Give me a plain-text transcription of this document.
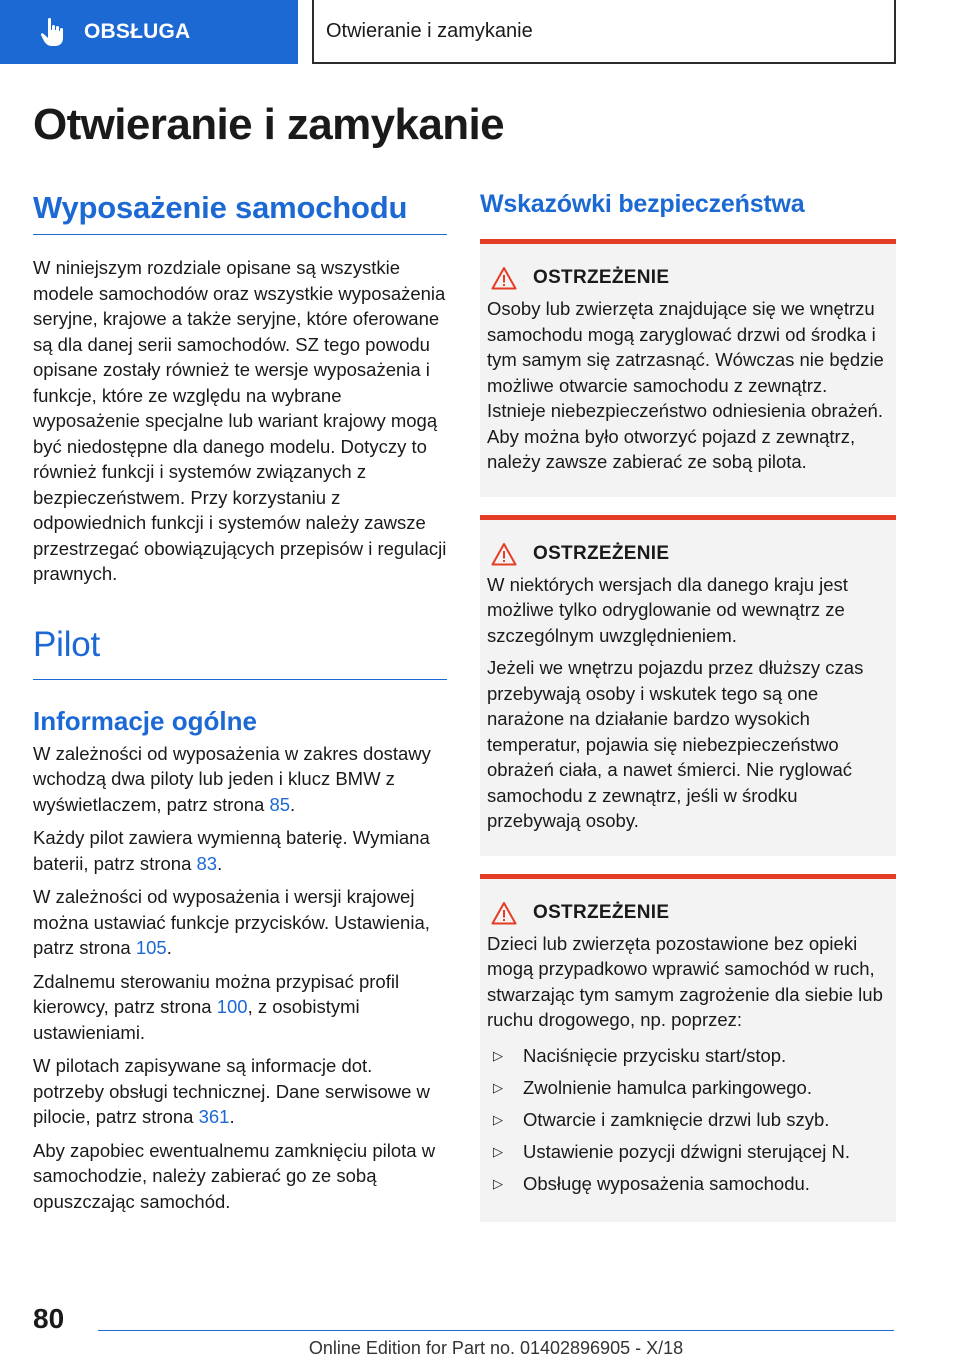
OBSŁUGA	Otwieranie i zamykanie
Otwieranie i zamykanie
Wyposażenie samochodu

W niniejszym rozdziale opisane są wszystkie modele samochodów oraz wszystkie wyposażenia seryjne, krajowe a także seryjne, które oferowane są dla danej serii samochodów. SZ tego powodu opisane zostały również te wersje wyposażenia i funkcje, które ze względu na wybrane wyposażenie specjalne lub wariant krajowy mogą być niedostępne dla danego modelu. Dotyczy to również funkcji i systemów związanych z bezpieczeństwem. Przy korzystaniu z odpowiednich funkcji i systemów należy zawsze przestrzegać obowiązujących przepisów i regulacji prawnych.

Pilot
Informacje ogólne

W zależności od wyposażenia w zakres dostawy wchodzą dwa piloty lub jeden i klucz BMW z wyświetlaczem, patrz strona 85.

Każdy pilot zawiera wymienną baterię. Wymiana baterii, patrz strona 83.

W zależności od wyposażenia i wersji krajowej można ustawiać funkcje przycisków. Ustawienia, patrz strona 105.

Zdalnemu sterowaniu można przypisać profil kierowcy, patrz strona 100, z osobistymi ustawieniami.

W pilotach zapisywane są informacje dot. potrzeby obsługi technicznej. Dane serwisowe w pilocie, patrz strona 361.

Aby zapobiec ewentualnemu zamknięciu pilota w samochodzie, należy zabierać go ze sobą opuszczając samochód.

Wskazówki bezpieczeństwa
OSTRZEŻENIE

Osoby lub zwierzęta znajdujące się we wnętrzu samochodu mogą zaryglować drzwi od środka i tym samym się zatrzasnąć. Wówczas nie będzie możliwe otwarcie samochodu z zewnątrz. Istnieje niebezpieczeństwo odniesienia obrażeń. Aby można było otworzyć pojazd z zewnątrz, należy zawsze zabierać ze sobą pilota.

OSTRZEŻENIE

W niektórych wersjach dla danego kraju jest możliwe tylko odryglowanie od wewnątrz ze szczególnym uwzględnieniem.

Jeżeli we wnętrzu pojazdu przez dłuższy czas przebywają osoby i wskutek tego są one narażone na działanie bardzo wysokich temperatur, pojawia się niebezpieczeństwo obrażeń ciała, a nawet śmierci. Nie ryglować samochodu z zewnątrz, jeśli w środku przebywają osoby.

OSTRZEŻENIE

Dzieci lub zwierzęta pozostawione bez opieki mogą przypadkowo wprawić samochód w ruch, stwarzając tym samym zagrożenie dla siebie lub ruchu drogowego, np. poprzez:

▷	Naciśnięcie przycisku start/stop.
▷	Zwolnienie hamulca parkingowego.
▷	Otwarcie i zamknięcie drzwi lub szyb.
▷	Ustawienie pozycji dźwigni sterującej N.
▷	Obsługę wyposażenia samochodu.
80
Online Edition for Part no. 01402896905 - X/18
